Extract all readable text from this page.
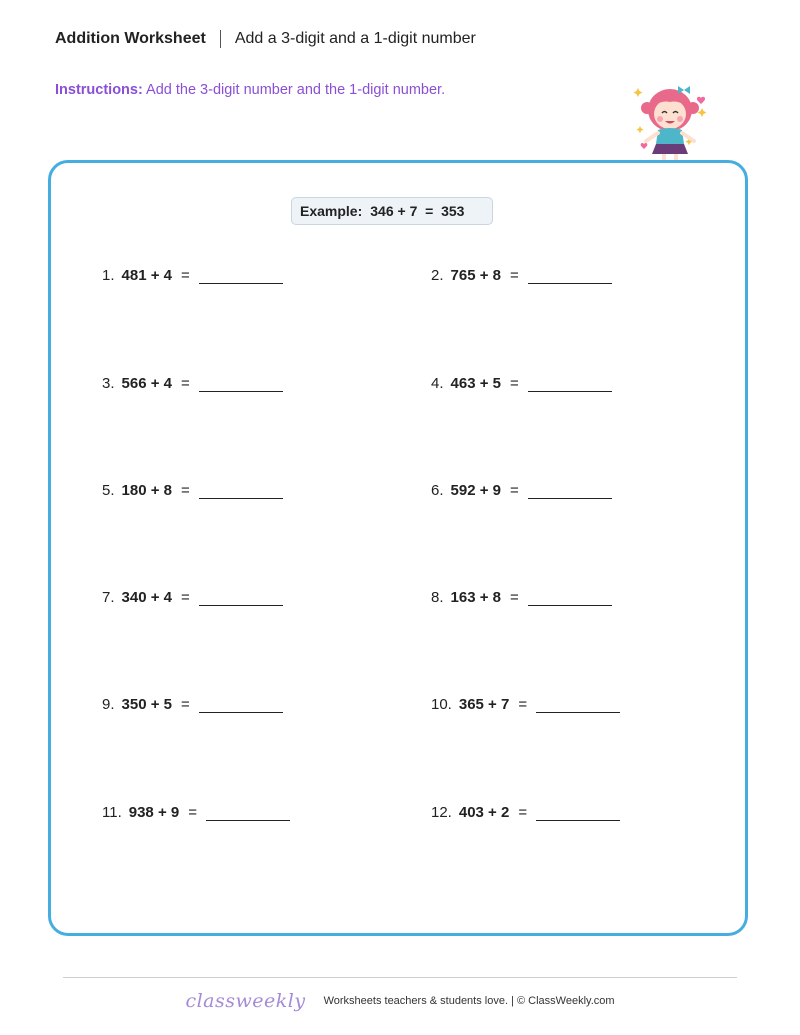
Addition Worksheet Add a 3-digit and a 1-digit number
Instructions: Add the 3-digit number and the 1-digit number.
Example: 346 + 7  =  353
1. 481 + 4 =	2. 765 + 8 =
3. 566 + 4 =	4. 463 + 5 =
5. 180 + 8 =	6. 592 + 9 =
7. 340 + 4 =	8. 163 + 8 =
9. 350 + 5 =	10. 365 + 7 =
11. 938 + 9 =	12. 403 + 2 =
classweekly Worksheets teachers & students love. | © ClassWeekly.com
